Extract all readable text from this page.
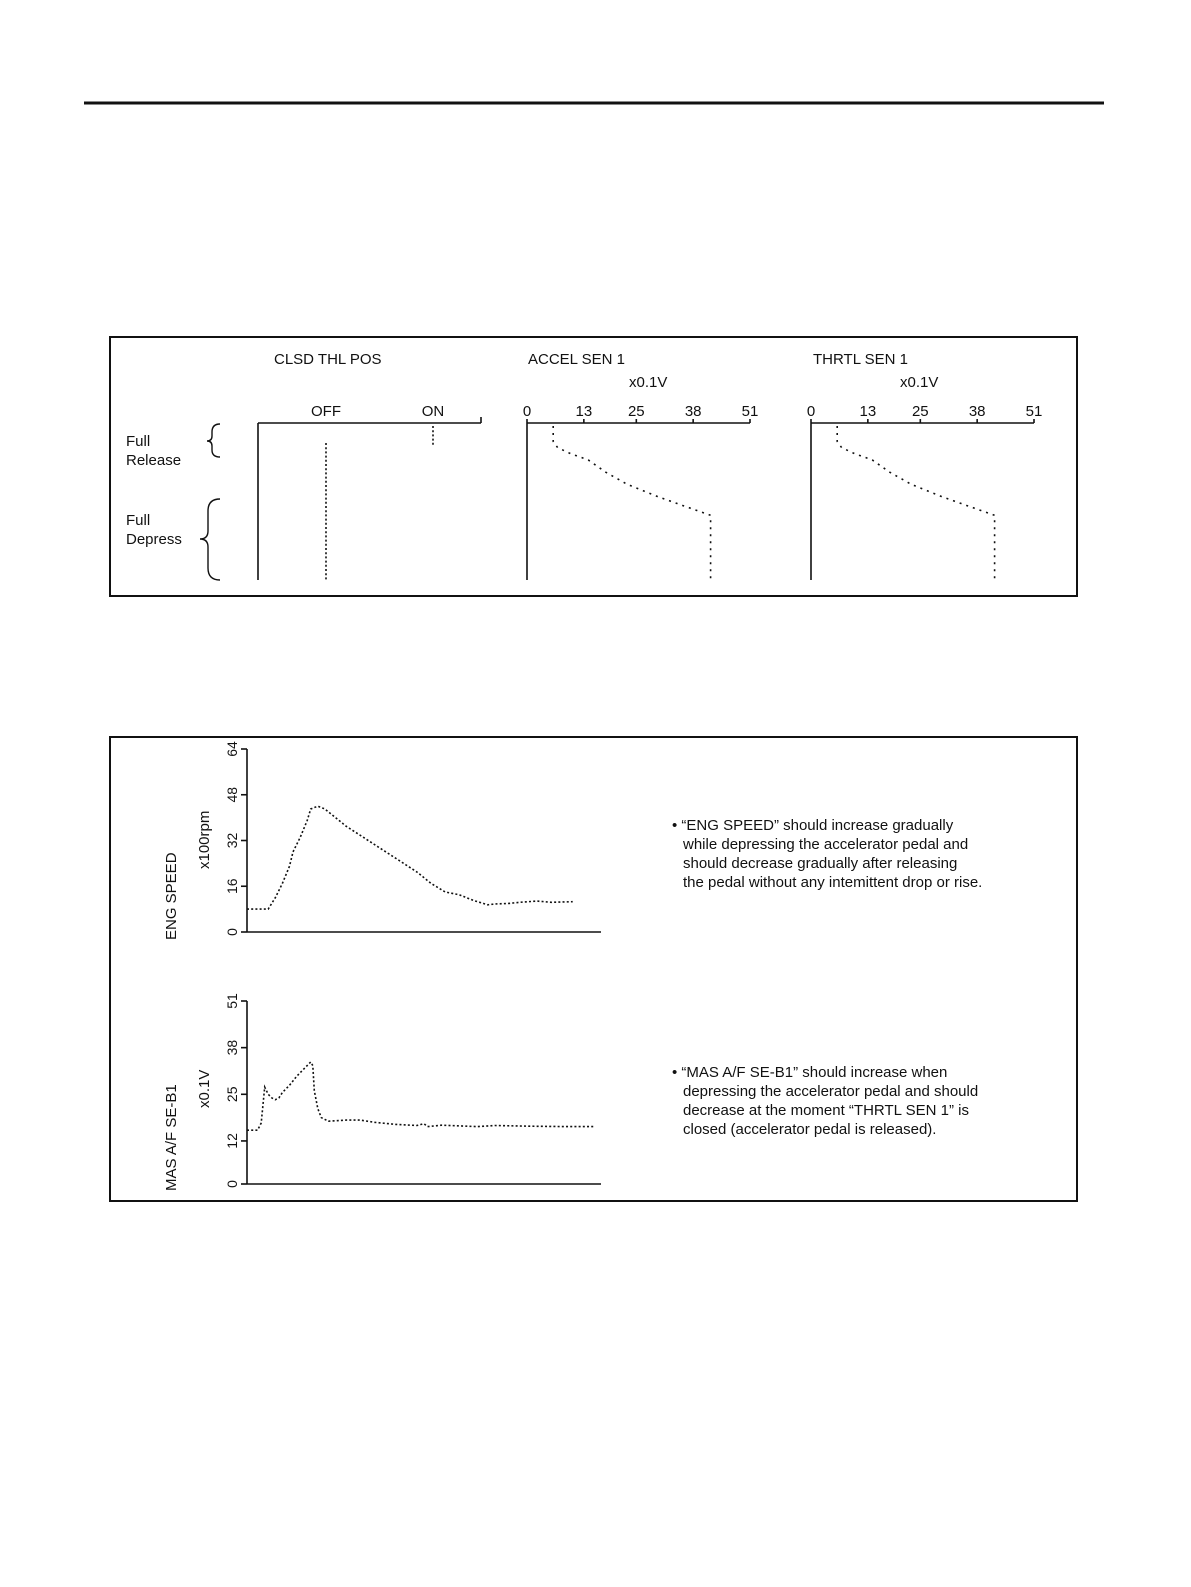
CLSD THL POS	ACCEL SEN 1	THRTL SEN 1
x0.1V	x0.1V
Full
Release
Full
Depress
OFF	ON	0	13 25	38	51	0	13 25	38	51
ENG SPEED
x100rpm
0
16
32
48
64
MAS A/F SE-B1 x0.1V
0
12
25
38
51
• “ENG SPEED” should increase gradually
while depressing the accelerator pedal and
should decrease gradually after releasing
the pedal without any intemittent drop or rise.
• “MAS A/F SE-B1” should increase when
depressing the accelerator pedal and should
decrease at the moment “THRTL SEN 1” is
closed (accelerator pedal is released).
